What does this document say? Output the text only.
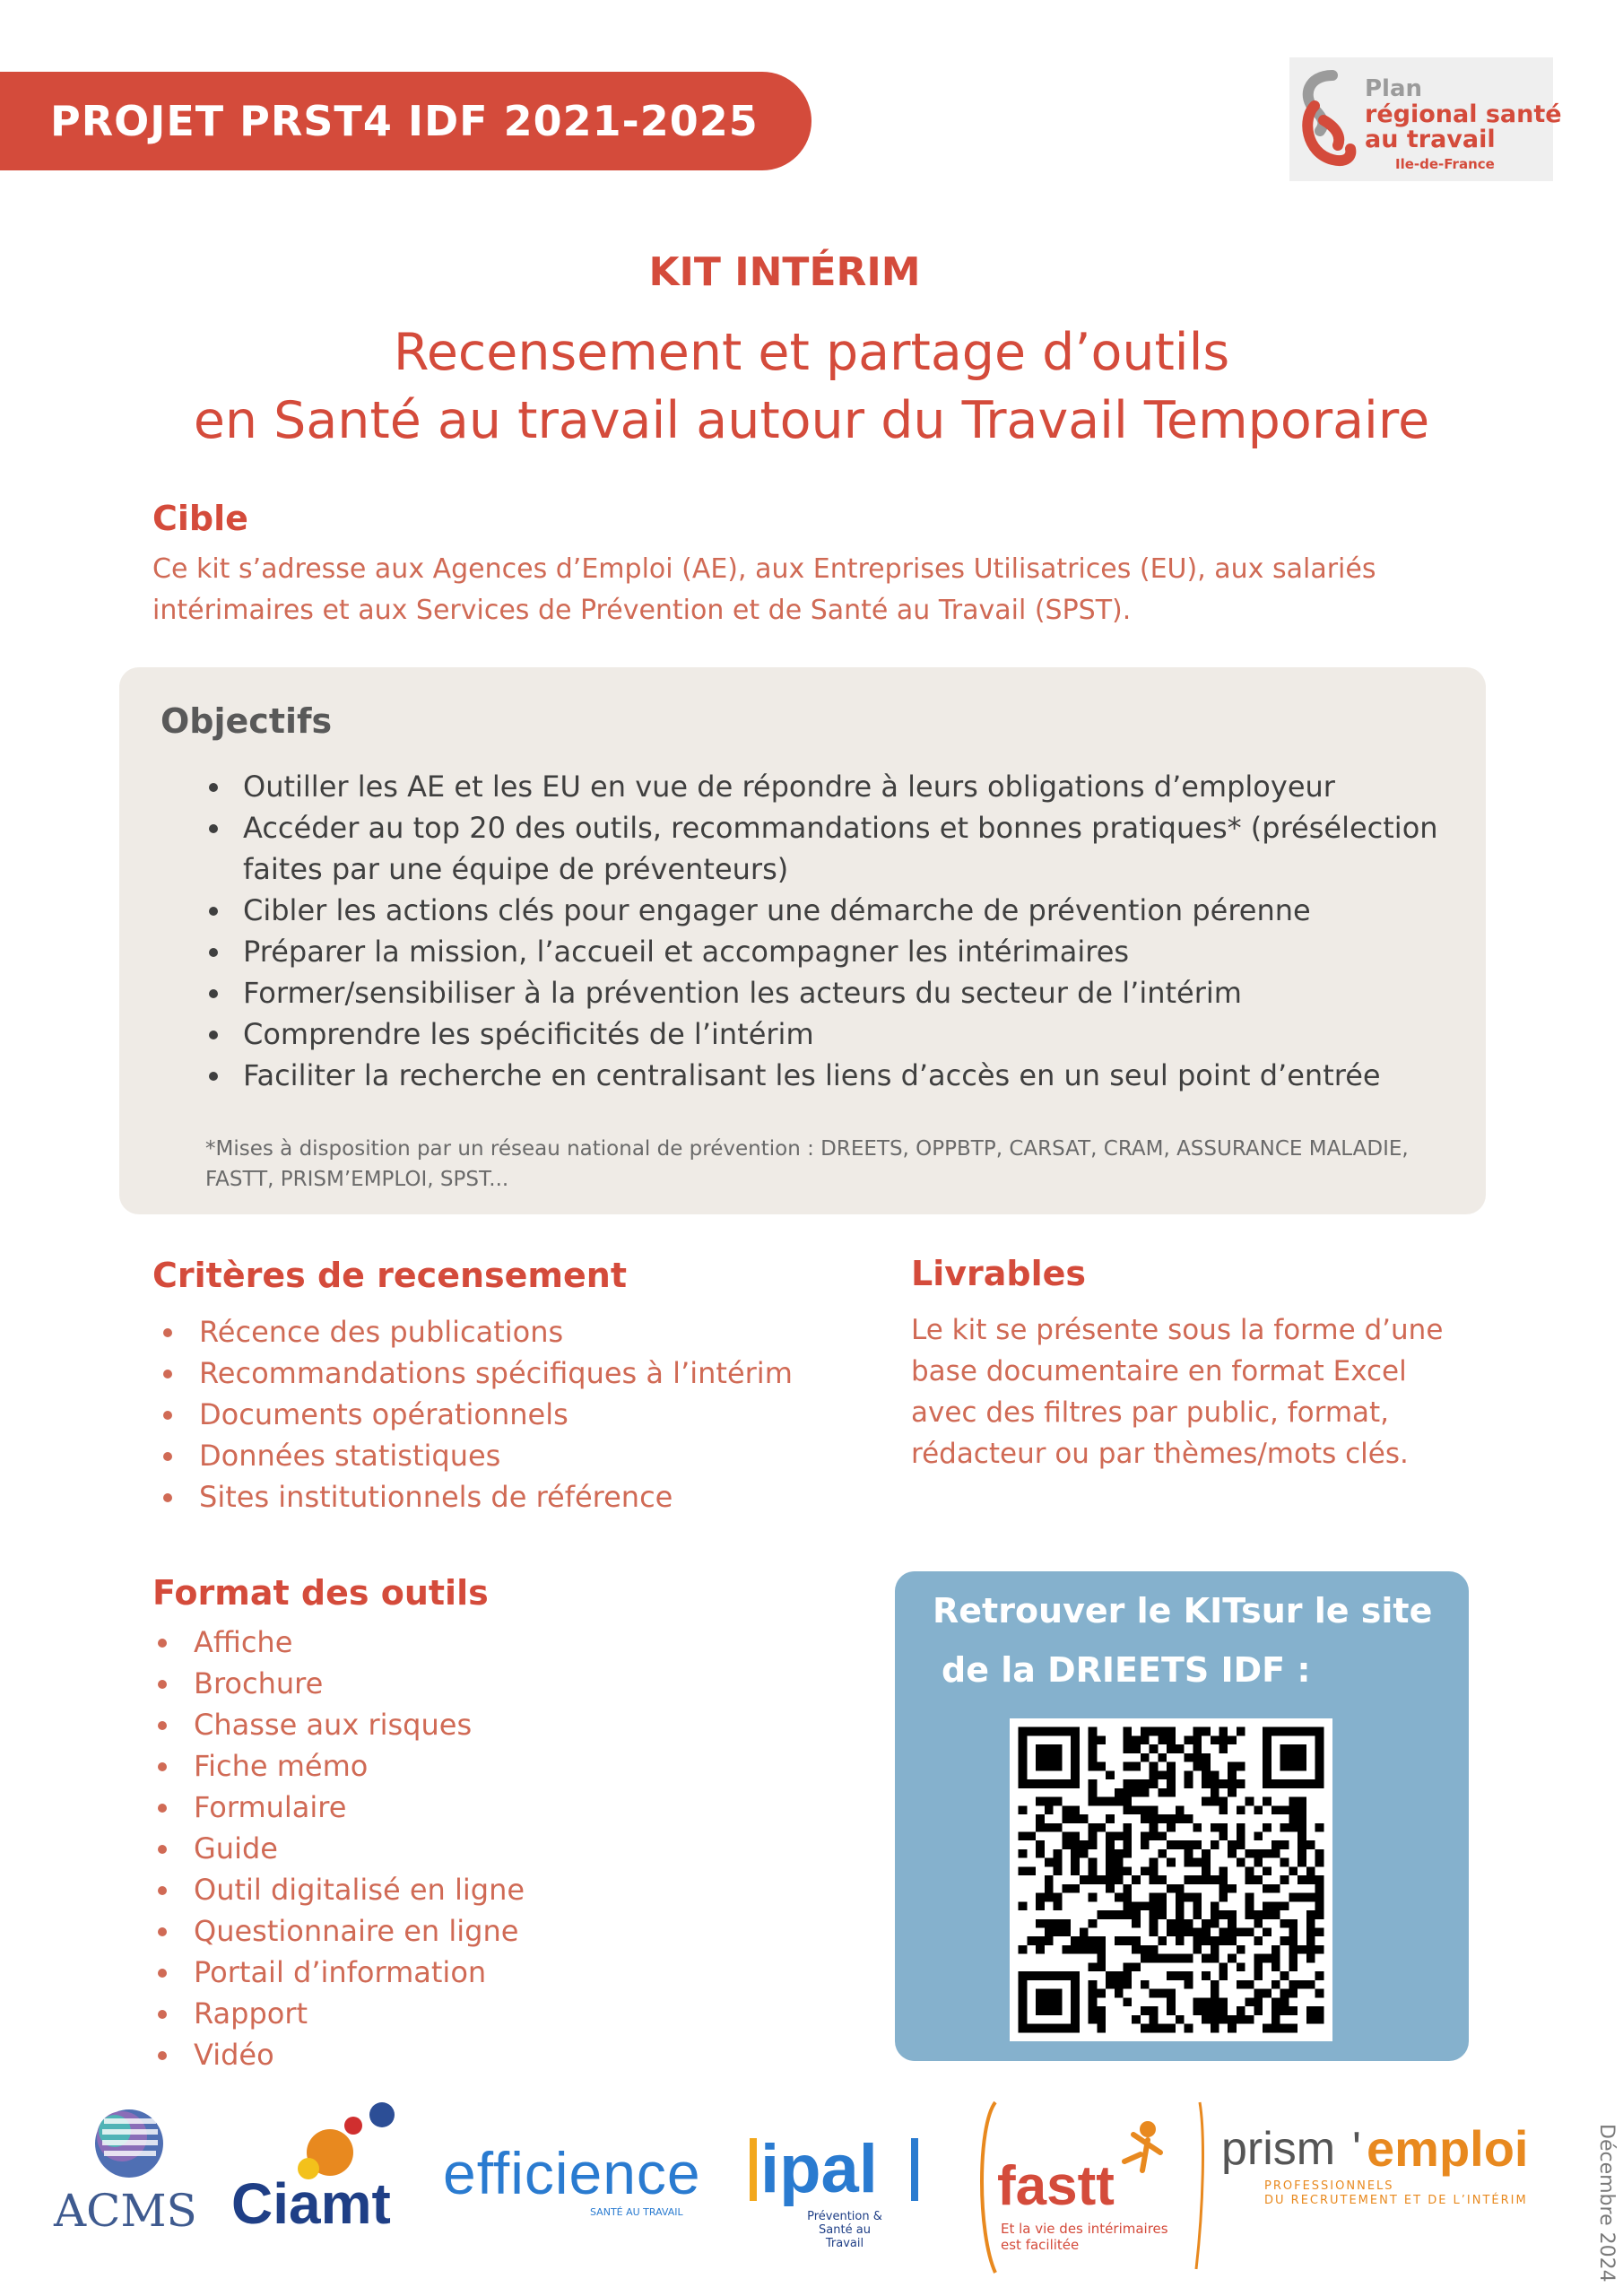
PROJET PRST4 IDF 2021-2025
Plan
régional santé
au travail
Ile-de-France
KIT INTÉRIM
Recensement et partage d’outils
en Santé au travail autour du Travail Temporaire
Cible
Ce kit s’adresse aux Agences d’Emploi (AE), aux Entreprises Utilisatrices (EU), aux salariés
intérimaires et aux Services de Prévention et de Santé au Travail (SPST).
Objectifs
Outiller les AE et les EU en vue de répondre à leurs obligations d’employeur
Accéder au top 20 des outils, recommandations et bonnes pratiques* (présélection faites par une équipe de préventeurs)
Cibler les actions clés pour engager une démarche de prévention pérenne
Préparer la mission, l’accueil et accompagner les intérimaires
Former/sensibiliser à la prévention les acteurs du secteur de l’intérim
Comprendre les spécificités de l’intérim
Faciliter la recherche en centralisant les liens d’accès en un seul point d’entrée
*Mises à disposition par un réseau national de prévention : DREETS, OPPBTP, CARSAT, CRAM, ASSURANCE MALADIE,
FASTT, PRISM’EMPLOI, SPST...
Critères de recensement
Récence des publications
Recommandations spécifiques à l’intérim
Documents opérationnels
Données statistiques
Sites institutionnels de référence
Livrables
Le kit se présente sous la forme d’une
base documentaire en format Excel
avec des filtres par public, format,
rédacteur ou par thèmes/mots clés.
Format des outils
Affiche
Brochure
Chasse aux risques
Fiche mémo
Formulaire
Guide
Outil digitalisé en ligne
Questionnaire en ligne
Portail d’information
Rapport
Vidéo
Retrouver le KITsur le site
de la DRIEETS IDF :
ACMS Ciamt efficience
SANTÉ AU TRAVAIL
ipal
Prévention &
Santé au Travail
fastt
Et la vie des intérimaires
est facilitée
prism ' emploi
PROFESSIONNELS
DU RECRUTEMENT ET DE L’INTÉRIM	Décembre 2024
